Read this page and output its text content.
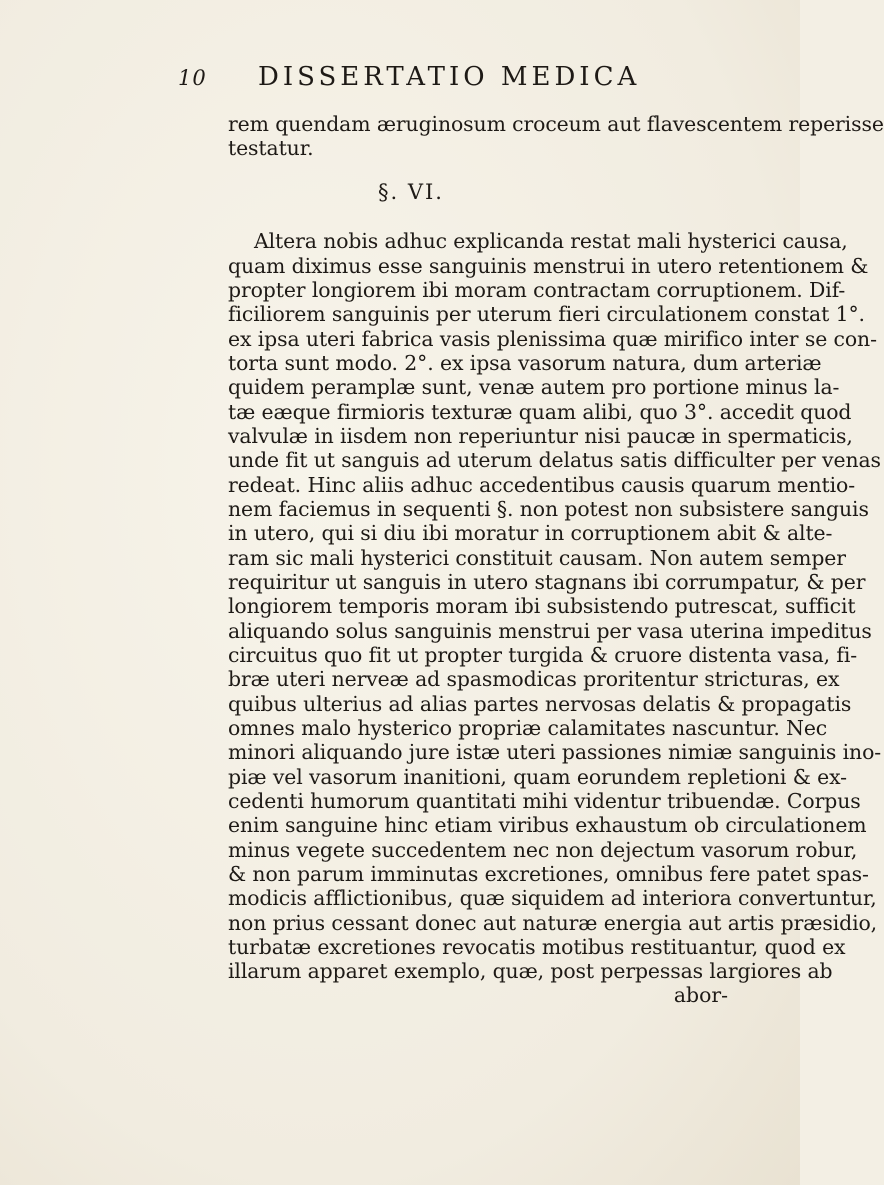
10 DISSERTATIO MEDICA
rem quendam æruginosum croceum aut flavescentem reperisse
testatur.
§. VI.
Altera nobis adhuc explicanda restat mali hysterici causa,
quam diximus esse sanguinis menstrui in utero retentionem &
propter longiorem ibi moram contractam corruptionem. Dif-
ficiliorem sanguinis per uterum fieri circulationem constat 1°.
ex ipsa uteri fabrica vasis plenissima quæ mirifico inter se con-
torta sunt modo. 2°. ex ipsa vasorum natura, dum arteriæ
quidem peramplæ sunt, venæ autem pro portione minus la-
tæ eæque firmioris texturæ quam alibi, quo 3°. accedit quod
valvulæ in iisdem non reperiuntur nisi paucæ in spermaticis,
unde fit ut sanguis ad uterum delatus satis difficulter per venas
redeat. Hinc aliis adhuc accedentibus causis quarum mentio-
nem faciemus in sequenti §. non potest non subsistere sanguis
in utero, qui si diu ibi moratur in corruptionem abit & alte-
ram sic mali hysterici constituit causam. Non autem semper
requiritur ut sanguis in utero stagnans ibi corrumpatur, & per
longiorem temporis moram ibi subsistendo putrescat, sufficit
aliquando solus sanguinis menstrui per vasa uterina impeditus
circuitus quo fit ut propter turgida & cruore distenta vasa, fi-
bræ uteri nerveæ ad spasmodicas proritentur stricturas, ex
quibus ulterius ad alias partes nervosas delatis & propagatis
omnes malo hysterico propriæ calamitates nascuntur. Nec
minori aliquando jure istæ uteri passiones nimiæ sanguinis ino-
piæ vel vasorum inanitioni, quam eorundem repletioni & ex-
cedenti humorum quantitati mihi videntur tribuendæ. Corpus
enim sanguine hinc etiam viribus exhaustum ob circulationem
minus vegete succedentem nec non dejectum vasorum robur,
& non parum imminutas excretiones, omnibus fere patet spas-
modicis afflictionibus, quæ siquidem ad interiora convertuntur,
non prius cessant donec aut naturæ energia aut artis præsidio,
turbatæ excretiones revocatis motibus restituantur, quod ex
illarum apparet exemplo, quæ, post perpessas largiores ab
abor-
